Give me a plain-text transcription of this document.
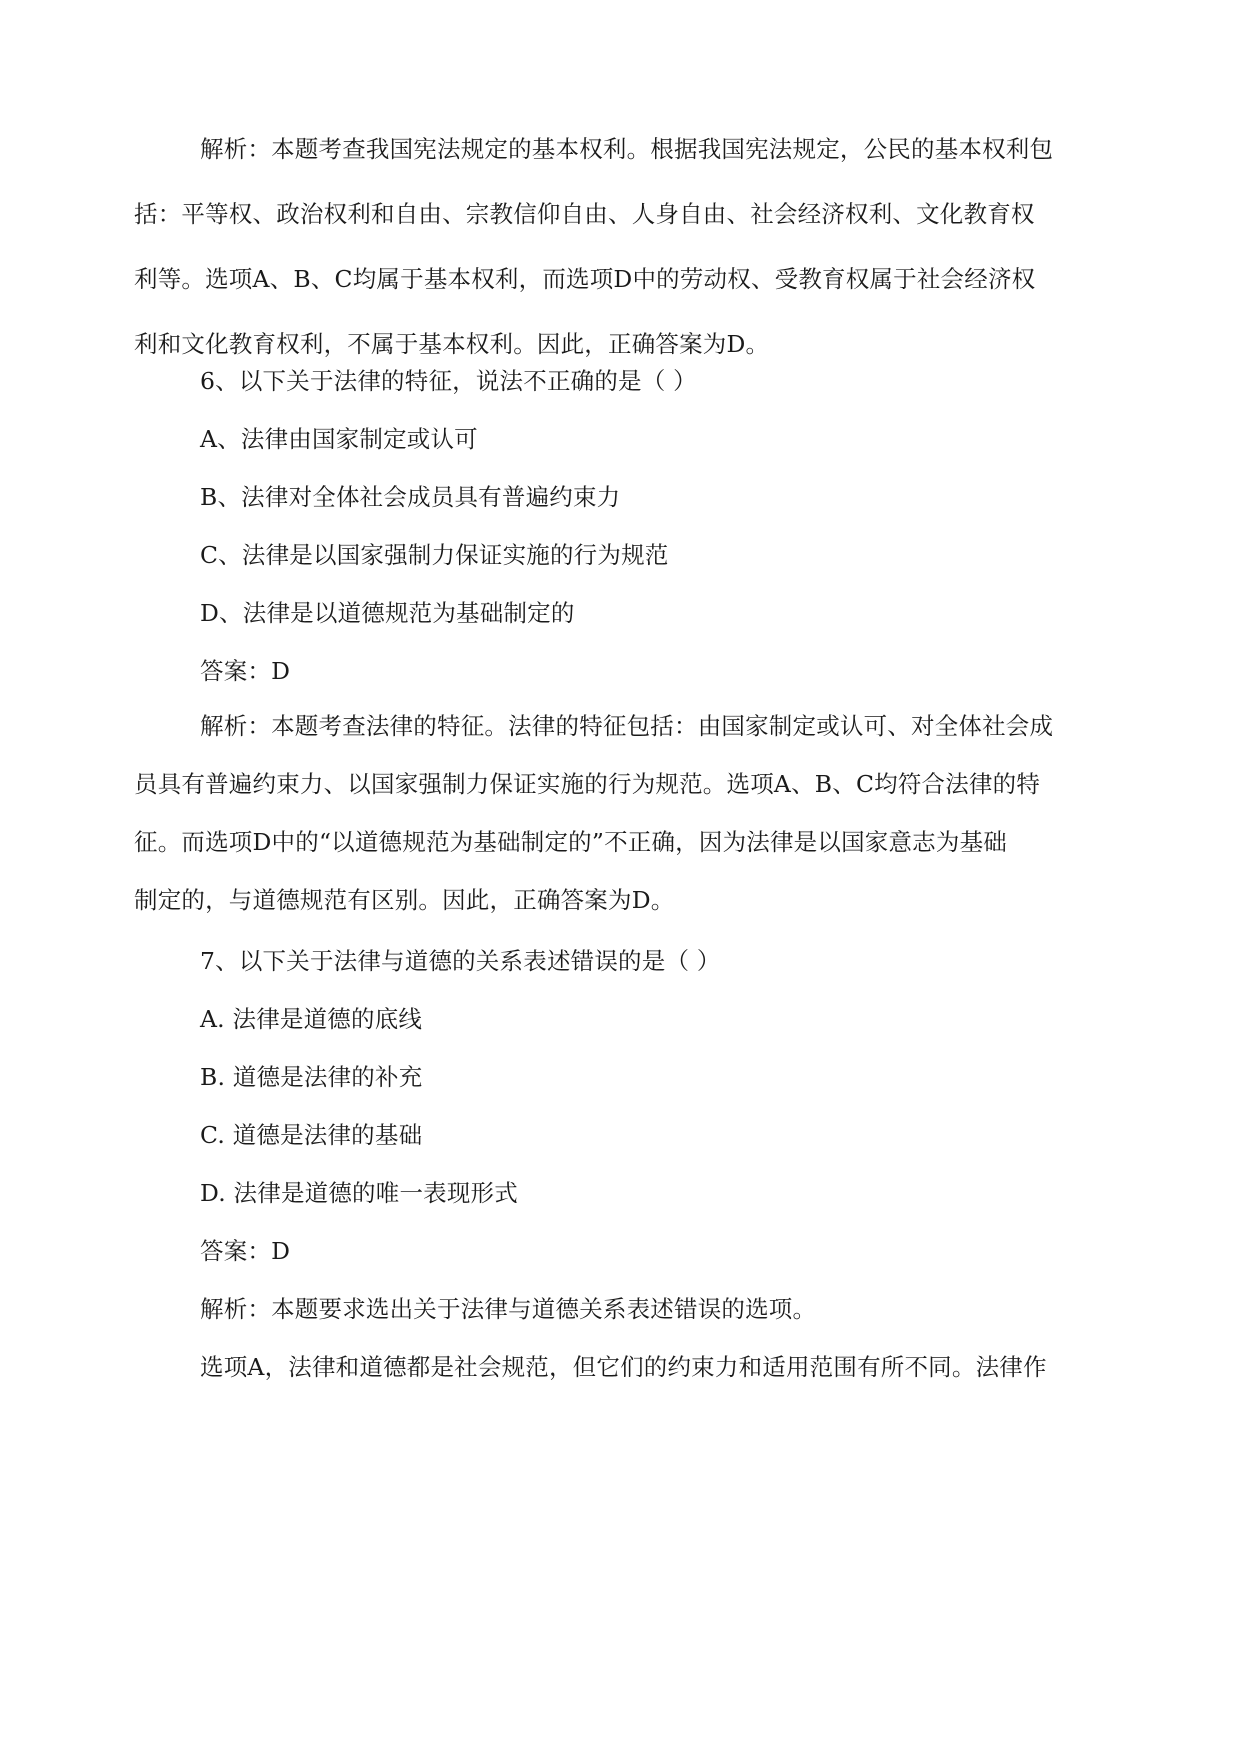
解析：本题考查我国宪法规定的基本权利。根据我国宪法规定，公民的基本权利包
括：平等权、政治权利和自由、宗教信仰自由、人身自由、社会经济权利、文化教育权
利等。选项A、B、C均属于基本权利，而选项D中的劳动权、受教育权属于社会经济权
利和文化教育权利，不属于基本权利。因此，正确答案为D。
6、以下关于法律的特征，说法不正确的是（ ）
A、法律由国家制定或认可
B、法律对全体社会成员具有普遍约束力
C、法律是以国家强制力保证实施的行为规范
D、法律是以道德规范为基础制定的
答案：D
解析：本题考查法律的特征。法律的特征包括：由国家制定或认可、对全体社会成
员具有普遍约束力、以国家强制力保证实施的行为规范。选项A、B、C均符合法律的特
征。而选项D中的“以道德规范为基础制定的”不正确，因为法律是以国家意志为基础
制定的，与道德规范有区别。因此，正确答案为D。
7、以下关于法律与道德的关系表述错误的是（ ）
A. 法律是道德的底线
B. 道德是法律的补充
C. 道德是法律的基础
D. 法律是道德的唯一表现形式
答案：D
解析：本题要求选出关于法律与道德关系表述错误的选项。
选项A，法律和道德都是社会规范，但它们的约束力和适用范围有所不同。法律作
